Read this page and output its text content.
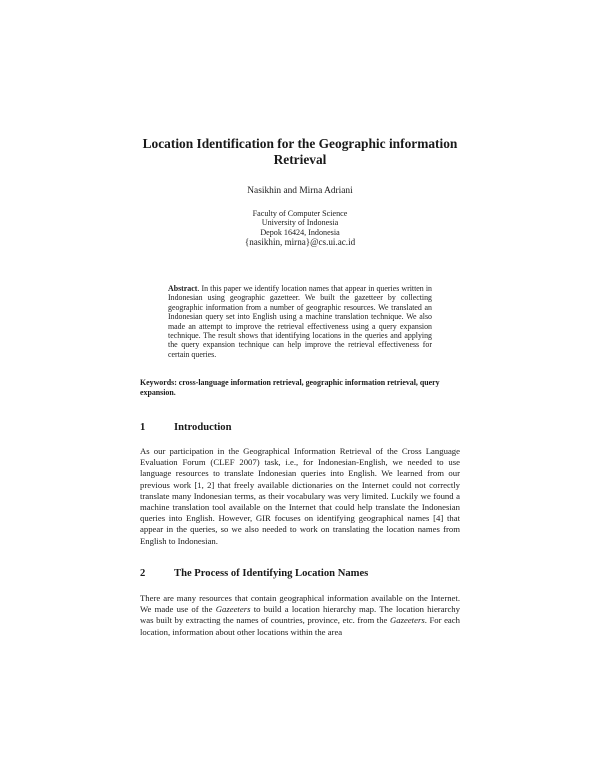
Location Identification for the Geographic information Retrieval
Nasikhin and Mirna Adriani
Faculty of Computer Science
University of Indonesia
Depok 16424, Indonesia
{nasikhin, mirna}@cs.ui.ac.id
Abstract. In this paper we identify location names that appear in queries written in Indonesian using geographic gazetteer. We built the gazetteer by collecting geographic information from a number of geographic resources. We translated an Indonesian query set into English using a machine translation technique. We also made an attempt to improve the retrieval effectiveness using a query expansion technique. The result shows that identifying locations in the queries and applying the query expansion technique can help improve the retrieval effectiveness for certain queries.
Keywords: cross-language information retrieval, geographic information retrieval, query expansion.
1	Introduction
As our participation in the Geographical Information Retrieval of the Cross Language Evaluation Forum (CLEF 2007) task, i.e., for Indonesian-English, we needed to use language resources to translate Indonesian queries into English. We learned from our previous work [1, 2] that freely available dictionaries on the Internet could not correctly translate many Indonesian terms, as their vocabulary was very limited. Luckily we found a machine translation tool available on the Internet that could help translate the Indonesian queries into English. However, GIR focuses on identifying geographical names [4] that appear in the queries, so we also needed to work on translating the location names from English to Indonesian.
2	The Process of Identifying Location Names
There are many resources that contain geographical information available on the Internet. We made use of the Gazeeters to build a location hierarchy map. The location hierarchy was built by extracting the names of countries, province, etc. from the Gazeeters. For each location, information about other locations within the area
